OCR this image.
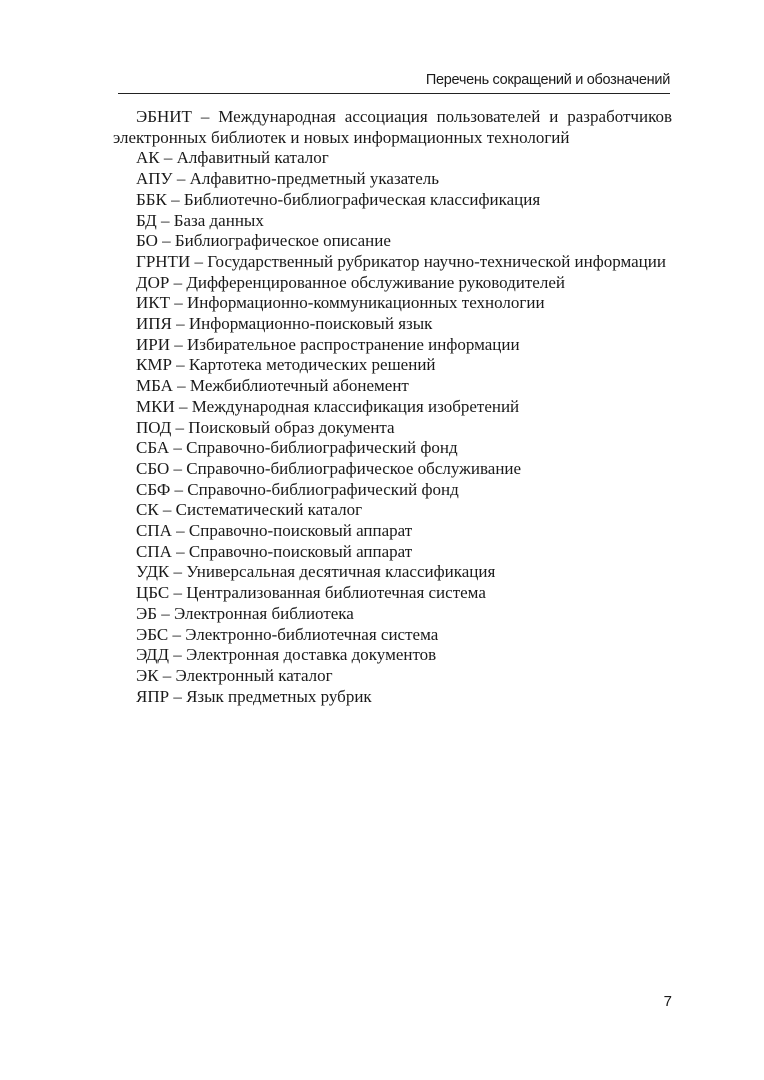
Перечень сокращений и обозначений

ЭБНИТ – Международная ассоциация пользователей и разработчиков электронных библиотек и новых информационных технологий

АК – Алфавитный каталог

АПУ – Алфавитно-предметный указатель

ББК – Библиотечно-библиографическая классификация

БД – База данных

БО – Библиографическое описание

ГРНТИ – Государственный рубрикатор научно-технической информации

ДОР – Дифференцированное обслуживание руководителей

ИКТ – Информационно-коммуникационных технологии

ИПЯ – Информационно-поисковый язык

ИРИ – Избирательное распространение информации

КМР – Картотека методических решений

МБА – Межбиблиотечный абонемент

МКИ – Международная классификация изобретений

ПОД – Поисковый образ документа

СБА – Справочно-библиографический фонд

СБО – Справочно-библиографическое обслуживание

СБФ – Справочно-библиографический фонд

СК – Систематический каталог

СПА – Справочно-поисковый аппарат

СПА – Справочно-поисковый аппарат

УДК – Универсальная десятичная классификация

ЦБС – Централизованная библиотечная система

ЭБ – Электронная библиотека

ЭБС – Электронно-библиотечная система

ЭДД – Электронная доставка документов

ЭК – Электронный каталог

ЯПР – Язык предметных рубрик

7
